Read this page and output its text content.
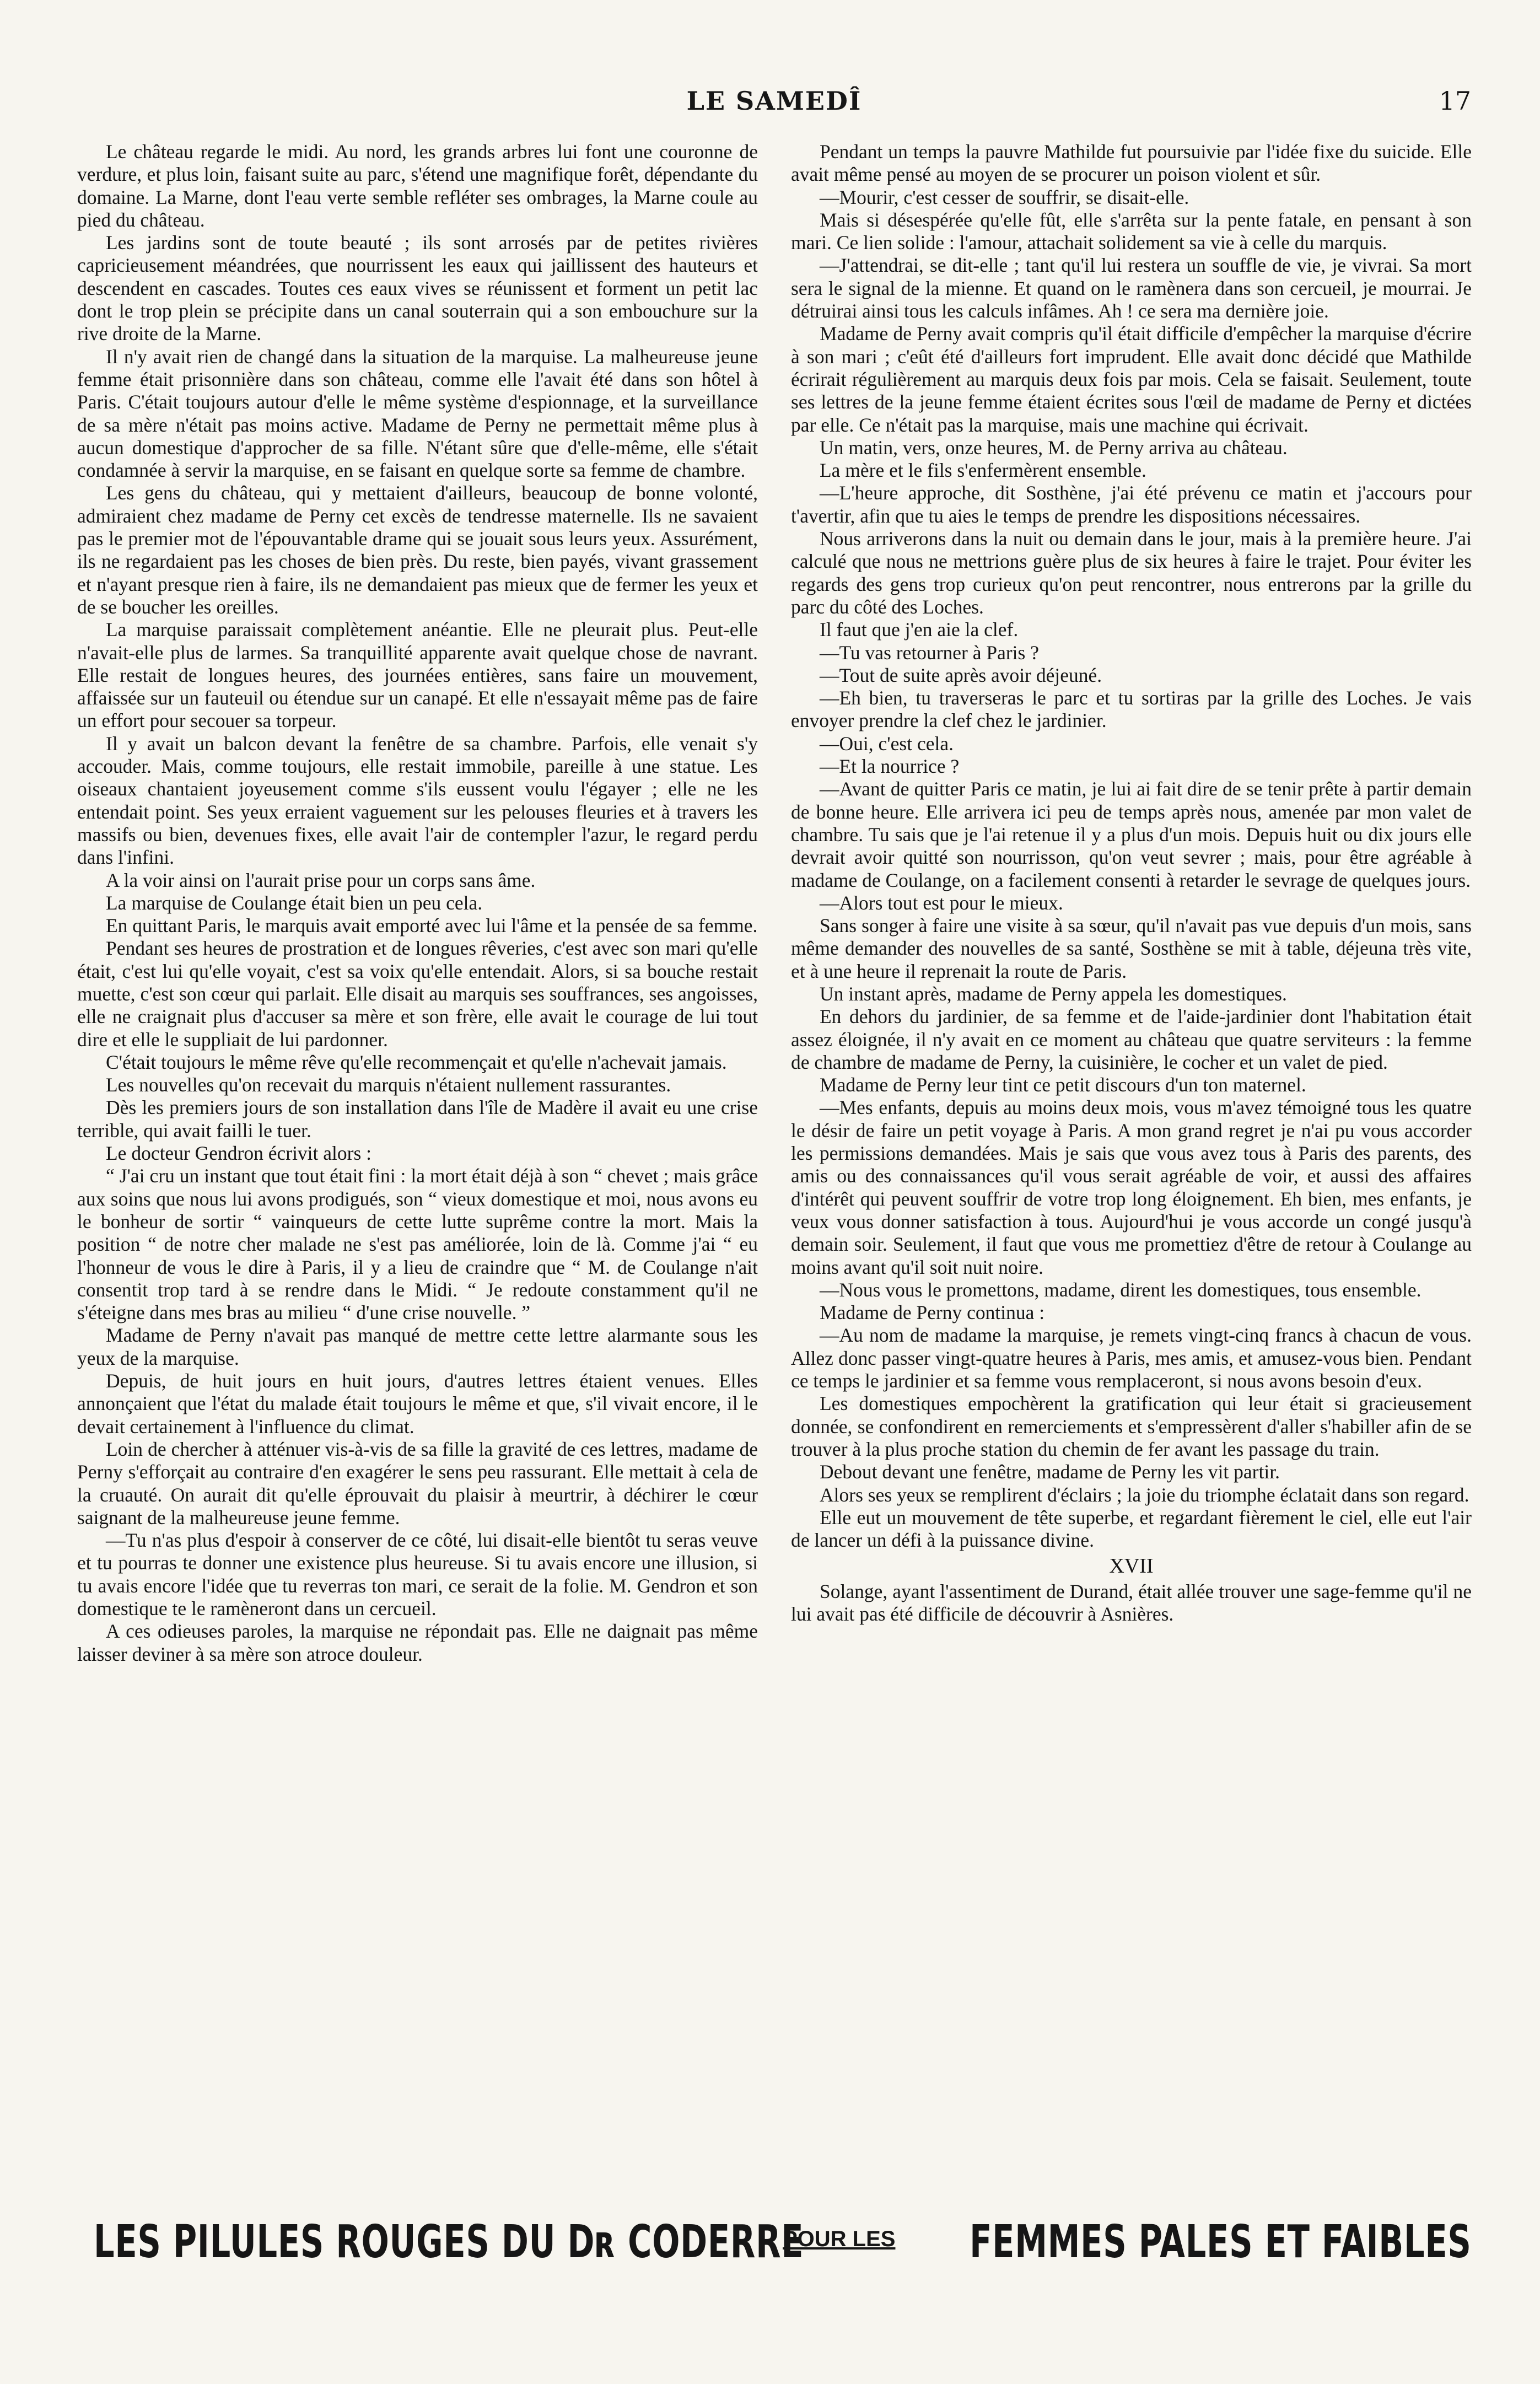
LE SAMEDÎ	17

Le château regarde le midi. Au nord, les grands arbres lui font une couronne de verdure, et plus loin, faisant suite au parc, s'étend une magnifique forêt, dépendante du domaine. La Marne, dont l'eau verte semble refléter ses ombrages, la Marne coule au pied du château.

Les jardins sont de toute beauté ; ils sont arrosés par de petites rivières capricieusement méandrées, que nourrissent les eaux qui jaillissent des hauteurs et descendent en cascades. Toutes ces eaux vives se réunissent et forment un petit lac dont le trop plein se précipite dans un canal souterrain qui a son embouchure sur la rive droite de la Marne.

Il n'y avait rien de changé dans la situation de la marquise. La malheureuse jeune femme était prisonnière dans son château, comme elle l'avait été dans son hôtel à Paris. C'était toujours autour d'elle le même système d'espionnage, et la surveillance de sa mère n'était pas moins active. Madame de Perny ne permettait même plus à aucun domestique d'approcher de sa fille. N'étant sûre que d'elle-même, elle s'était condamnée à servir la marquise, en se faisant en quelque sorte sa femme de chambre.

Les gens du château, qui y mettaient d'ailleurs, beaucoup de bonne volonté, admiraient chez madame de Perny cet excès de tendresse maternelle. Ils ne savaient pas le premier mot de l'épouvantable drame qui se jouait sous leurs yeux. Assurément, ils ne regardaient pas les choses de bien près. Du reste, bien payés, vivant grassement et n'ayant presque rien à faire, ils ne demandaient pas mieux que de fermer les yeux et de se boucher les oreilles.

La marquise paraissait complètement anéantie. Elle ne pleurait plus. Peut-elle n'avait-elle plus de larmes. Sa tranquillité apparente avait quelque chose de navrant. Elle restait de longues heures, des journées entières, sans faire un mouvement, affaissée sur un fauteuil ou étendue sur un canapé. Et elle n'essayait même pas de faire un effort pour secouer sa torpeur.

Il y avait un balcon devant la fenêtre de sa chambre. Parfois, elle venait s'y accouder. Mais, comme toujours, elle restait immobile, pareille à une statue. Les oiseaux chantaient joyeusement comme s'ils eussent voulu l'égayer ; elle ne les entendait point. Ses yeux erraient vaguement sur les pelouses fleuries et à travers les massifs ou bien, devenues fixes, elle avait l'air de contempler l'azur, le regard perdu dans l'infini.

A la voir ainsi on l'aurait prise pour un corps sans âme.

La marquise de Coulange était bien un peu cela.

En quittant Paris, le marquis avait emporté avec lui l'âme et la pensée de sa femme.

Pendant ses heures de prostration et de longues rêveries, c'est avec son mari qu'elle était, c'est lui qu'elle voyait, c'est sa voix qu'elle entendait. Alors, si sa bouche restait muette, c'est son cœur qui parlait. Elle disait au marquis ses souffrances, ses angoisses, elle ne craignait plus d'accuser sa mère et son frère, elle avait le courage de lui tout dire et elle le suppliait de lui pardonner.

C'était toujours le même rêve qu'elle recommençait et qu'elle n'achevait jamais.

Les nouvelles qu'on recevait du marquis n'étaient nullement rassurantes.

Dès les premiers jours de son installation dans l'île de Madère il avait eu une crise terrible, qui avait failli le tuer.

Le docteur Gendron écrivit alors :

“ J'ai cru un instant que tout était fini : la mort était déjà à son “ chevet ; mais grâce aux soins que nous lui avons prodigués, son “ vieux domestique et moi, nous avons eu le bonheur de sortir “ vainqueurs de cette lutte suprême contre la mort. Mais la position “ de notre cher malade ne s'est pas améliorée, loin de là. Comme j'ai “ eu l'honneur de vous le dire à Paris, il y a lieu de craindre que “ M. de Coulange n'ait consentit trop tard à se rendre dans le Midi. “ Je redoute constamment qu'il ne s'éteigne dans mes bras au milieu “ d'une crise nouvelle. ”

Madame de Perny n'avait pas manqué de mettre cette lettre alarmante sous les yeux de la marquise.

Depuis, de huit jours en huit jours, d'autres lettres étaient venues. Elles annonçaient que l'état du malade était toujours le même et que, s'il vivait encore, il le devait certainement à l'influence du climat.

Loin de chercher à atténuer vis-à-vis de sa fille la gravité de ces lettres, madame de Perny s'efforçait au contraire d'en exagérer le sens peu rassurant. Elle mettait à cela de la cruauté. On aurait dit qu'elle éprouvait du plaisir à meurtrir, à déchirer le cœur saignant de la malheureuse jeune femme.

—Tu n'as plus d'espoir à conserver de ce côté, lui disait-elle bientôt tu seras veuve et tu pourras te donner une existence plus heureuse. Si tu avais encore une illusion, si tu avais encore l'idée que tu reverras ton mari, ce serait de la folie. M. Gendron et son domestique te le ramèneront dans un cercueil.

A ces odieuses paroles, la marquise ne répondait pas. Elle ne daignait pas même laisser deviner à sa mère son atroce douleur.

Pendant un temps la pauvre Mathilde fut poursuivie par l'idée fixe du suicide. Elle avait même pensé au moyen de se procurer un poison violent et sûr.

—Mourir, c'est cesser de souffrir, se disait-elle.

Mais si désespérée qu'elle fût, elle s'arrêta sur la pente fatale, en pensant à son mari. Ce lien solide : l'amour, attachait solidement sa vie à celle du marquis.

—J'attendrai, se dit-elle ; tant qu'il lui restera un souffle de vie, je vivrai. Sa mort sera le signal de la mienne. Et quand on le ramènera dans son cercueil, je mourrai. Je détruirai ainsi tous les calculs infâmes. Ah ! ce sera ma dernière joie.

Madame de Perny avait compris qu'il était difficile d'empêcher la marquise d'écrire à son mari ; c'eût été d'ailleurs fort imprudent. Elle avait donc décidé que Mathilde écrirait régulièrement au marquis deux fois par mois. Cela se faisait. Seulement, toute ses lettres de la jeune femme étaient écrites sous l'œil de madame de Perny et dictées par elle. Ce n'était pas la marquise, mais une machine qui écrivait.

Un matin, vers, onze heures, M. de Perny arriva au château.

La mère et le fils s'enfermèrent ensemble.

—L'heure approche, dit Sosthène, j'ai été prévenu ce matin et j'accours pour t'avertir, afin que tu aies le temps de prendre les dispositions nécessaires.

Nous arriverons dans la nuit ou demain dans le jour, mais à la première heure. J'ai calculé que nous ne mettrions guère plus de six heures à faire le trajet. Pour éviter les regards des gens trop curieux qu'on peut rencontrer, nous entrerons par la grille du parc du côté des Loches.

Il faut que j'en aie la clef.

—Tu vas retourner à Paris ?

—Tout de suite après avoir déjeuné.

—Eh bien, tu traverseras le parc et tu sortiras par la grille des Loches. Je vais envoyer prendre la clef chez le jardinier.

—Oui, c'est cela.

—Et la nourrice ?

—Avant de quitter Paris ce matin, je lui ai fait dire de se tenir prête à partir demain de bonne heure. Elle arrivera ici peu de temps après nous, amenée par mon valet de chambre. Tu sais que je l'ai retenue il y a plus d'un mois. Depuis huit ou dix jours elle devrait avoir quitté son nourrisson, qu'on veut sevrer ; mais, pour être agréable à madame de Coulange, on a facilement consenti à retarder le sevrage de quelques jours.

—Alors tout est pour le mieux.

Sans songer à faire une visite à sa sœur, qu'il n'avait pas vue depuis d'un mois, sans même demander des nouvelles de sa santé, Sosthène se mit à table, déjeuna très vite, et à une heure il reprenait la route de Paris.

Un instant après, madame de Perny appela les domestiques.

En dehors du jardinier, de sa femme et de l'aide-jardinier dont l'habitation était assez éloignée, il n'y avait en ce moment au château que quatre serviteurs : la femme de chambre de madame de Perny, la cuisinière, le cocher et un valet de pied.

Madame de Perny leur tint ce petit discours d'un ton maternel.

—Mes enfants, depuis au moins deux mois, vous m'avez témoigné tous les quatre le désir de faire un petit voyage à Paris. A mon grand regret je n'ai pu vous accorder les permissions demandées. Mais je sais que vous avez tous à Paris des parents, des amis ou des connaissances qu'il vous serait agréable de voir, et aussi des affaires d'intérêt qui peuvent souffrir de votre trop long éloignement. Eh bien, mes enfants, je veux vous donner satisfaction à tous. Aujourd'hui je vous accorde un congé jusqu'à demain soir. Seulement, il faut que vous me promettiez d'être de retour à Coulange au moins avant qu'il soit nuit noire.

—Nous vous le promettons, madame, dirent les domestiques, tous ensemble.

Madame de Perny continua :

—Au nom de madame la marquise, je remets vingt-cinq francs à chacun de vous. Allez donc passer vingt-quatre heures à Paris, mes amis, et amusez-vous bien. Pendant ce temps le jardinier et sa femme vous remplaceront, si nous avons besoin d'eux.

Les domestiques empochèrent la gratification qui leur était si gracieusement donnée, se confondirent en remerciements et s'empressèrent d'aller s'habiller afin de se trouver à la plus proche station du chemin de fer avant les passage du train.

Debout devant une fenêtre, madame de Perny les vit partir.

Alors ses yeux se remplirent d'éclairs ; la joie du triomphe éclatait dans son regard.

Elle eut un mouvement de tête superbe, et regardant fièrement le ciel, elle eut l'air de lancer un défi à la puissance divine.

XVII

Solange, ayant l'assentiment de Durand, était allée trouver une sage-femme qu'il ne lui avait pas été difficile de découvrir à Asnières.

LES PILULES ROUGES DU Dʀ CODERRE
POUR LES FEMMES PALES ET FAIBLES
